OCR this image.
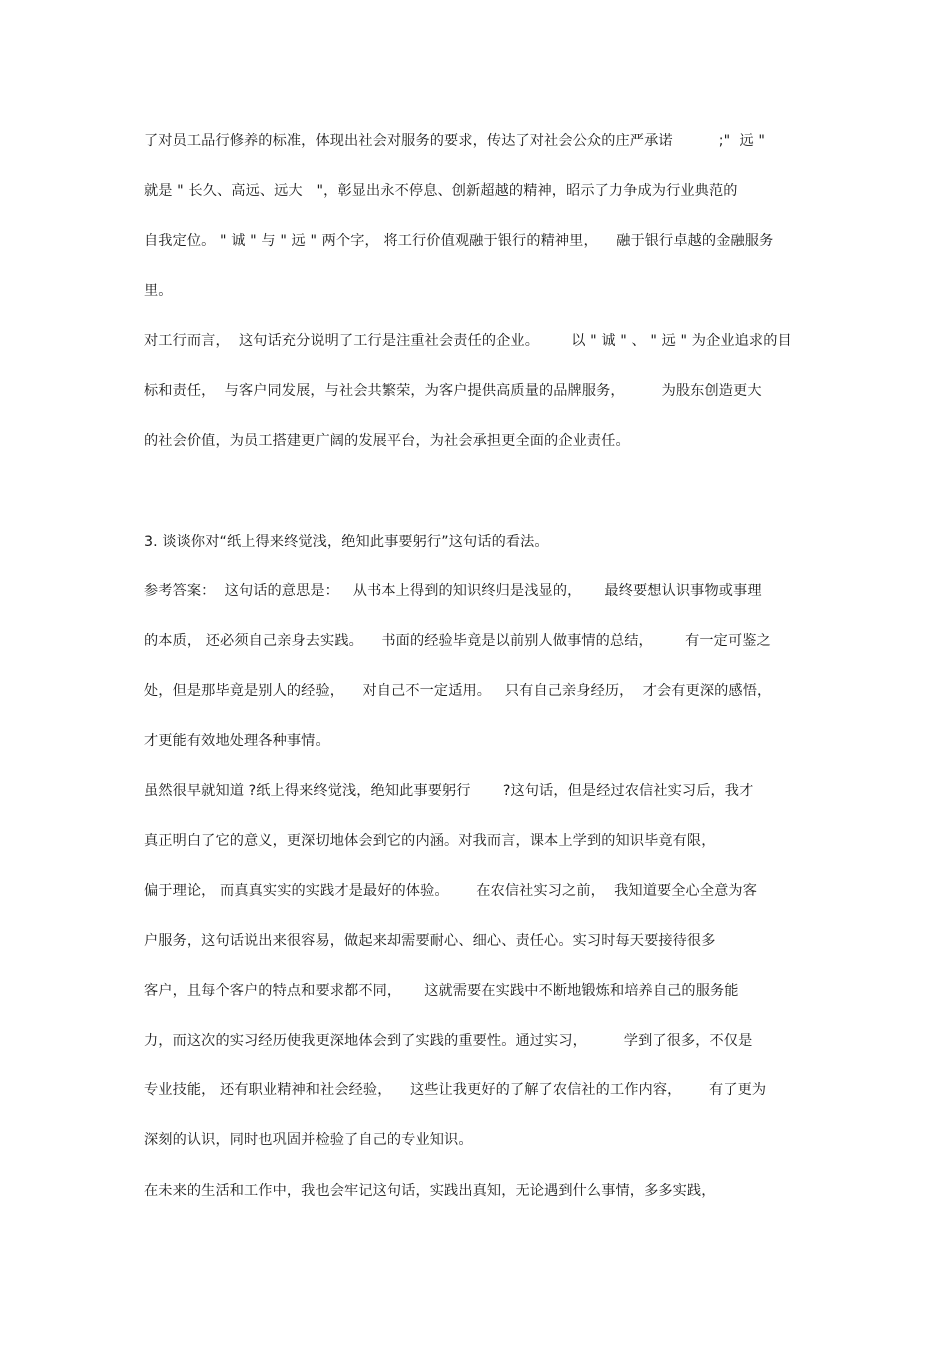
了对员工品行修养的标准，体现出社会对服务的要求，传达了对社会公众的庄严承诺          ;"  远 "
就是 " 长久、高远、远大   "，彰显出永不停息、创新超越的精神，昭示了力争成为行业典范的
自我定位。 " 诚 " 与 " 远 " 两个字， 将工行价值观融于银行的精神里，    融于银行卓越的金融服务
里。
对工行而言，  这句话充分说明了工行是注重社会责任的企业。       以 " 诚 " 、 " 远 " 为企业追求的目
标和责任，  与客户同发展，与社会共繁荣，为客户提供高质量的品牌服务，        为股东创造更大
的社会价值，为员工搭建更广阔的发展平台，为社会承担更全面的企业责任。
3. 谈谈你对“纸上得来终觉浅，绝知此事要躬行”这句话的看法。
参考答案：  这句话的意思是：   从书本上得到的知识终归是浅显的，     最终要想认识事物或事理
的本质， 还必须自己亲身去实践。    书面的经验毕竟是以前别人做事情的总结，       有一定可鉴之
处，但是那毕竟是别人的经验，    对自己不一定适用。   只有自己亲身经历，  才会有更深的感悟，
才更能有效地处理各种事情。
虽然很早就知道 ?纸上得来终觉浅，绝知此事要躬行       ?这句话，但是经过农信社实习后，我才
真正明白了它的意义，更深切地体会到它的内涵。对我而言，课本上学到的知识毕竟有限，
偏于理论， 而真真实实的实践才是最好的体验。      在农信社实习之前，  我知道要全心全意为客
户服务，这句话说出来很容易，做起来却需要耐心、细心、责任心。实习时每天要接待很多
客户，且每个客户的特点和要求都不同，     这就需要在实践中不断地锻炼和培养自己的服务能
力，而这次的实习经历使我更深地体会到了实践的重要性。通过实习，        学到了很多，不仅是
专业技能， 还有职业精神和社会经验，    这些让我更好的了解了农信社的工作内容，      有了更为
深刻的认识，同时也巩固并检验了自己的专业知识。
在未来的生活和工作中，我也会牢记这句话，实践出真知，无论遇到什么事情，多多实践，
